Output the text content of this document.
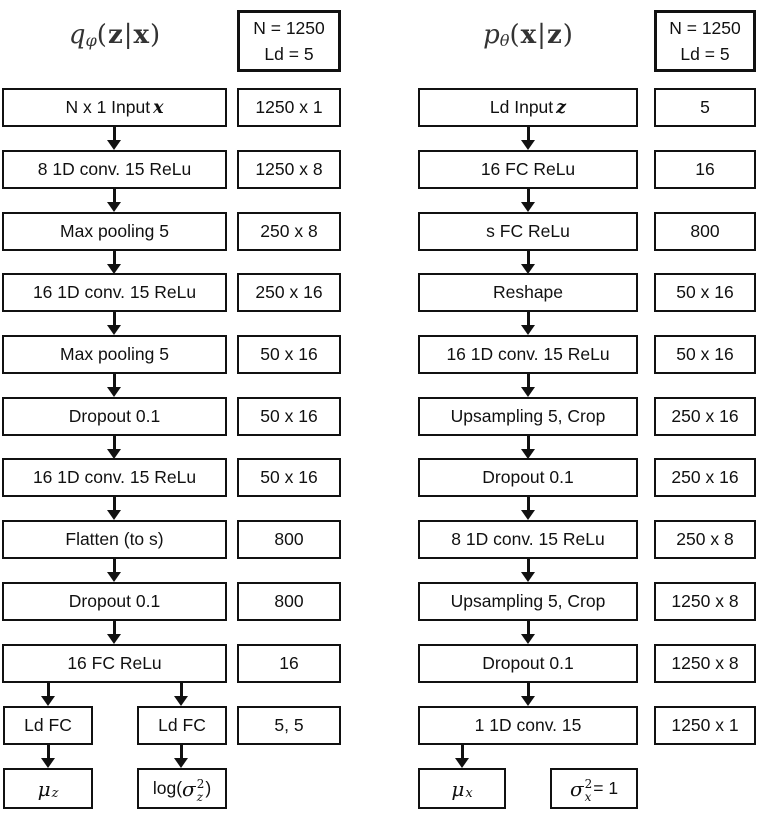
q φ ( z | x )	N = 1250
Ld = 5
N x 1 Input x	1250 x 1
8 1D conv. 15 ReLu	1250 x 8
Max pooling 5	250 x 8
16 1D conv. 15 ReLu	250 x 16
Max pooling 5	50 x 16
Dropout 0.1	50 x 16
16 1D conv. 15 ReLu	50 x 16
Flatten (to s)	800
Dropout 0.1	800
16 FC ReLu	16
Ld FC	Ld FC	5, 5
μ z	log( σ 2
z )
p θ ( x | z )	N = 1250
Ld = 5
Ld Input z	5
16 FC ReLu	16
s FC ReLu	800
Reshape	50 x 16
16 1D conv. 15 ReLu	50 x 16
Upsampling 5, Crop	250 x 16
Dropout 0.1	250 x 16
8 1D conv. 15 ReLu	250 x 8
Upsampling 5, Crop	1250 x 8
Dropout 0.1	1250 x 8
1 1D conv. 15	1250 x 1
μ x	σ 2
x = 1
